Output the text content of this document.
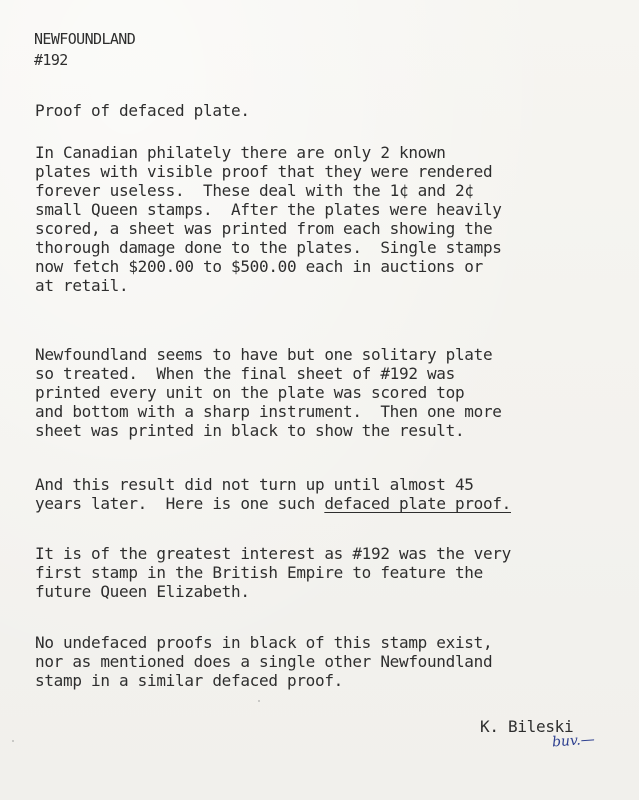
NEWFOUNDLAND
#192
Proof of defaced plate.
In Canadian philately there are only 2 known
plates with visible proof that they were rendered
forever useless.  These deal with the 1¢ and 2¢
small Queen stamps.  After the plates were heavily
scored, a sheet was printed from each showing the
thorough damage done to the plates.  Single stamps
now fetch $200.00 to $500.00 each in auctions or
at retail.
Newfoundland seems to have but one solitary plate
so treated.  When the final sheet of #192 was
printed every unit on the plate was scored top
and bottom with a sharp instrument.  Then one more
sheet was printed in black to show the result.
And this result did not turn up until almost 45
years later.  Here is one such defaced plate proof.
It is of the greatest interest as #192 was the very
first stamp in the British Empire to feature the
future Queen Elizabeth.
No undefaced proofs in black of this stamp exist,
nor as mentioned does a single other Newfoundland
stamp in a similar defaced proof.
K. Bileski
buv.—
